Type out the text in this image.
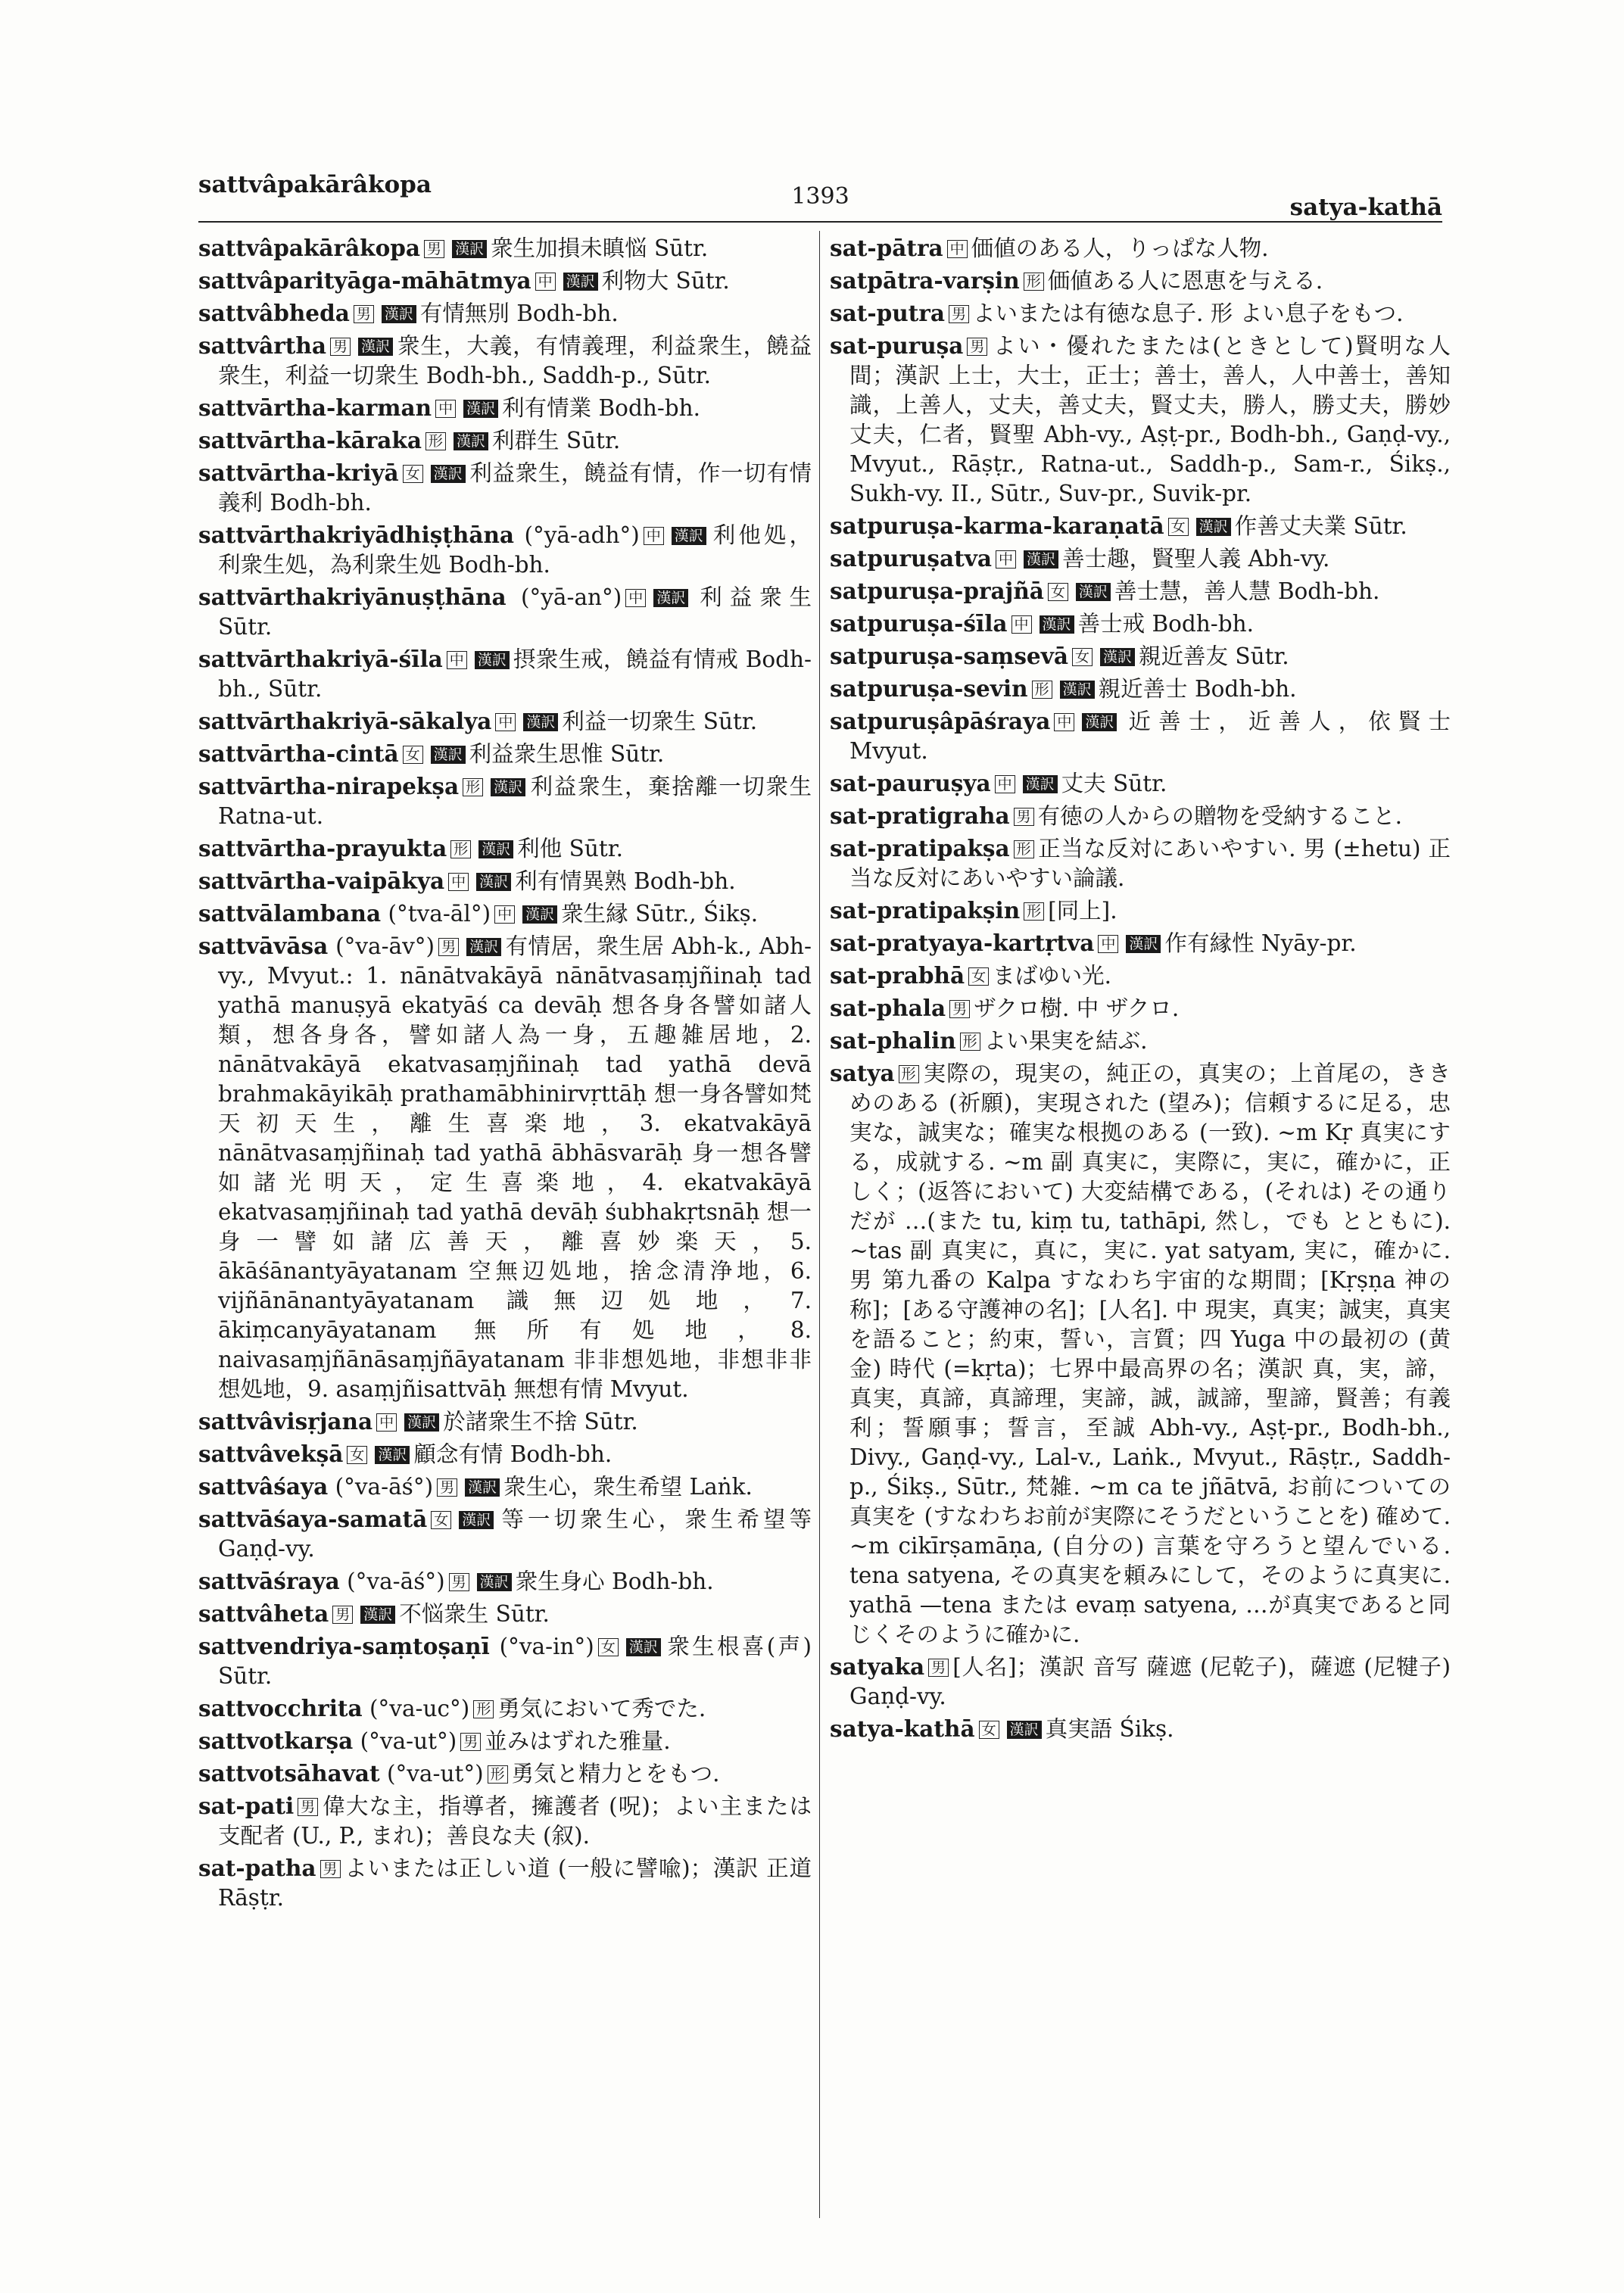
sattvâpakārâkopa	1393	satya-kathā

sattvâpakārâkopa 男 漢訳 衆生加損未瞋悩 Sūtr.

sattvâparityāga-māhātmya 中 漢訳 利物大 Sūtr.

sattvâbheda 男 漢訳 有情無別 Bodh-bh.

sattvârtha 男 漢訳 衆生，大義，有情義理，利益衆生，饒益衆生，利益一切衆生 Bodh-bh., Saddh-p., Sūtr.

sattvārtha-karman 中 漢訳 利有情業 Bodh-bh.

sattvārtha-kāraka 形 漢訳 利群生 Sūtr.

sattvārtha-kriyā 女 漢訳 利益衆生，饒益有情，作一切有情義利 Bodh-bh.

sattvārthakriyādhiṣṭhāna (°yā-adh°) 中 漢訳 利他処，利衆生処，為利衆生処 Bodh-bh.

sattvārthakriyānuṣṭhāna (°yā-an°) 中 漢訳 利益衆生 Sūtr.

sattvārthakriyā-śīla 中 漢訳 摂衆生戒，饒益有情戒 Bodh-bh., Sūtr.

sattvārthakriyā-sākalya 中 漢訳 利益一切衆生 Sūtr.

sattvārtha-cintā 女 漢訳 利益衆生思惟 Sūtr.

sattvārtha-nirapekṣa 形 漢訳 利益衆生，棄捨離一切衆生 Ratna-ut.

sattvārtha-prayukta 形 漢訳 利他 Sūtr.

sattvārtha-vaipākya 中 漢訳 利有情異熟 Bodh-bh.

sattvālambana (°tva-āl°) 中 漢訳 衆生縁 Sūtr., Śikṣ.

sattvāvāsa (°va-āv°) 男 漢訳 有情居，衆生居 Abh-k., Abh-vy., Mvyut.: 1. nānātvakāyā nānātvasaṃjñinaḥ tad yathā manuṣyā ekatyāś ca devāḥ 想各身各譬如諸人類，想各身各，譬如諸人為一身，五趣雑居地，2. nānātvakāyā ekatvasaṃjñinaḥ tad yathā devā brahmakāyikāḥ prathamābhinirvṛttāḥ 想一身各譬如梵天初天生，離生喜楽地，3. ekatvakāyā nānātvasaṃjñinaḥ tad yathā ābhāsvarāḥ 身一想各譬如諸光明天，定生喜楽地，4. ekatvakāyā ekatvasaṃjñinaḥ tad yathā devāḥ śubhakṛtsnāḥ 想一身一譬如諸広善天，離喜妙楽天，5. ākāśānantyāyatanam 空無辺処地，捨念清浄地，6. vijñānānantyāyatanam 識無辺処地，7. ākiṃcanyāyatanam 無所有処地，8. naivasaṃjñānāsaṃjñāyatanam 非非想処地，非想非非想処地，9. asaṃjñisattvāḥ 無想有情 Mvyut.

sattvâvisṛjana 中 漢訳 於諸衆生不捨 Sūtr.

sattvâvekṣā 女 漢訳 顧念有情 Bodh-bh.

sattvâśaya (°va-āś°) 男 漢訳 衆生心，衆生希望 Laṅk.

sattvāśaya-samatā 女 漢訳 等一切衆生心，衆生希望等 Gaṇḍ-vy.

sattvāśraya (°va-āś°) 男 漢訳 衆生身心 Bodh-bh.

sattvâheta 男 漢訳 不悩衆生 Sūtr.

sattvendriya-saṃtoṣaṇī (°va-in°) 女 漢訳 衆生根喜(声) Sūtr.

sattvocchrita (°va-uc°) 形 勇気において秀でた.

sattvotkarṣa (°va-ut°) 男 並みはずれた雅量.

sattvotsāhavat (°va-ut°) 形 勇気と精力とをもつ.

sat-pati 男 偉大な主，指導者，擁護者 (呪)；よい主または支配者 (U., P., まれ)；善良な夫 (叙).

sat-patha 男 よいまたは正しい道 (一般に譬喩)；漢訳 正道 Rāṣṭr.

sat-pātra 中 価値のある人，りっぱな人物.

satpātra-varṣin 形 価値ある人に恩恵を与える.

sat-putra 男 よいまたは有徳な息子. 形 よい息子をもつ.

sat-puruṣa 男 よい・優れたまたは(ときとして)賢明な人間；漢訳 上士，大士，正士；善士，善人，人中善士，善知識，上善人，丈夫，善丈夫，賢丈夫，勝人，勝丈夫，勝妙丈夫，仁者，賢聖 Abh-vy., Aṣṭ-pr., Bodh-bh., Gaṇḍ-vy., Mvyut., Rāṣṭr., Ratna-ut., Saddh-p., Sam-r., Śikṣ., Sukh-vy. II., Sūtr., Suv-pr., Suvik-pr.

satpuruṣa-karma-karaṇatā 女 漢訳 作善丈夫業 Sūtr.

satpuruṣatva 中 漢訳 善士趣，賢聖人義 Abh-vy.

satpuruṣa-prajñā 女 漢訳 善士慧，善人慧 Bodh-bh.

satpuruṣa-śīla 中 漢訳 善士戒 Bodh-bh.

satpuruṣa-saṃsevā 女 漢訳 親近善友 Sūtr.

satpuruṣa-sevin 形 漢訳 親近善士 Bodh-bh.

satpuruṣâpāśraya 中 漢訳 近善士，近善人，依賢士 Mvyut.

sat-pauruṣya 中 漢訳 丈夫 Sūtr.

sat-pratigraha 男 有徳の人からの贈物を受納すること.

sat-pratipakṣa 形 正当な反対にあいやすい. 男 (±hetu) 正当な反対にあいやすい論議.

sat-pratipakṣin 形 [同上].

sat-pratyaya-kartṛtva 中 漢訳 作有縁性 Nyāy-pr.

sat-prabhā 女 まばゆい光.

sat-phala 男 ザクロ樹. 中 ザクロ.

sat-phalin 形 よい果実を結ぶ.

satya 形 実際の，現実の，純正の，真実の；上首尾の，ききめのある (祈願)，実現された (望み)；信頼するに足る，忠実な，誠実な；確実な根拠のある (一致). ~m Kṛ 真実にする，成就する. ~m 副 真実に，実際に，実に，確かに，正しく；(返答において) 大変結構である，(それは) その通りだが …(また tu, kiṃ tu, tathāpi, 然し，でも とともに). ~tas 副 真実に，真に，実に. yat satyam, 実に，確かに. 男 第九番の Kalpa すなわち宇宙的な期間；[Kṛṣṇa 神の称]；[ある守護神の名]；[人名]. 中 現実，真実；誠実，真実を語ること；約束，誓い，言質；四 Yuga 中の最初の (黄金) 時代 (=kṛta)；七界中最高界の名；漢訳 真，実，諦，真実，真諦，真諦理，実諦，誠，誠諦，聖諦，賢善；有義利；誓願事；誓言，至誠 Abh-vy., Aṣṭ-pr., Bodh-bh., Divy., Gaṇḍ-vy., Lal-v., Laṅk., Mvyut., Rāṣṭr., Saddh-p., Śikṣ., Sūtr., 梵雑. ~m ca te jñātvā, お前についての真実を (すなわちお前が実際にそうだということを) 確めて. ~m cikīrṣamāṇa, (自分の) 言葉を守ろうと望んでいる. tena satyena, その真実を頼みにして，そのように真実に. yathā —tena または evaṃ satyena, …が真実であると同じくそのように確かに.

satyaka 男 [人名]；漢訳 音写 薩遮 (尼乾子)，薩遮 (尼犍子) Gaṇḍ-vy.

satya-kathā 女 漢訳 真実語 Śikṣ.
